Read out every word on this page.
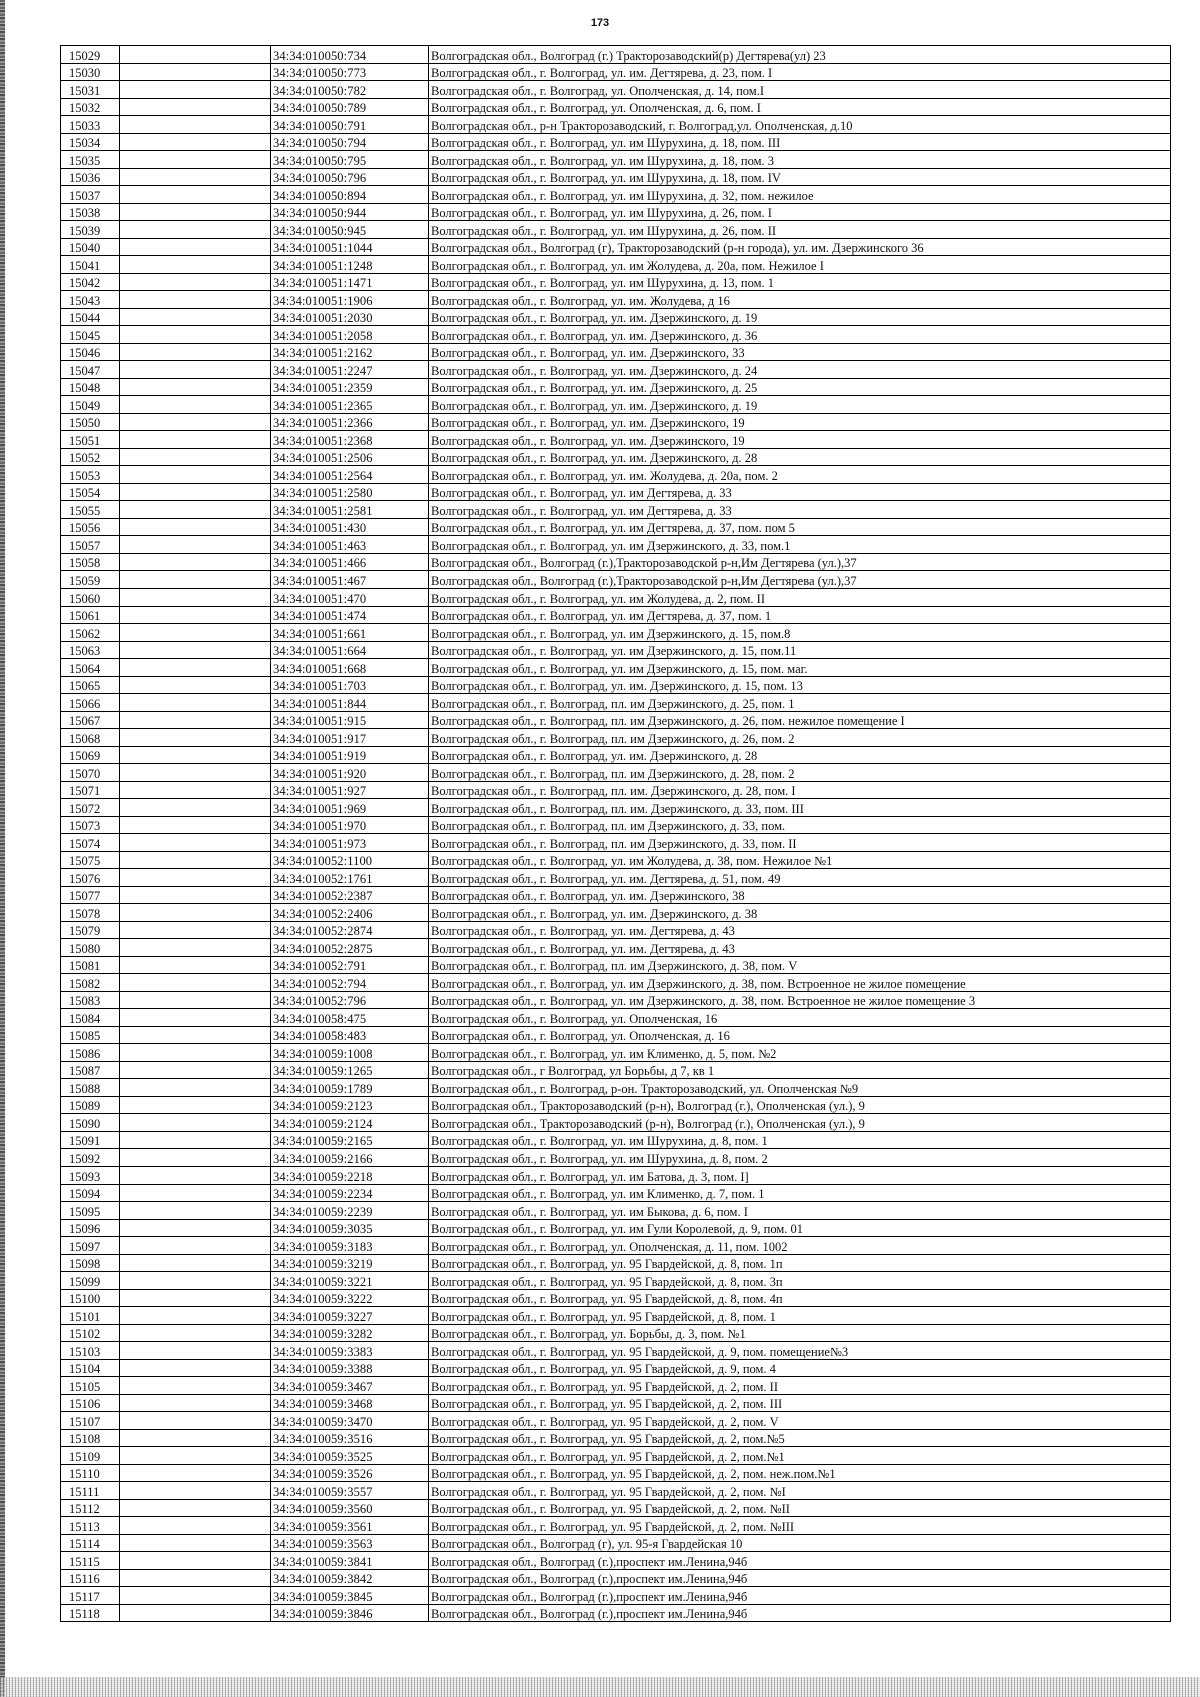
173
15029		34:34:010050:734	Волгоградская обл., Волгоград (г.) Тракторозаводский(р) Дегтярева(ул) 23
15030		34:34:010050:773	Волгоградская обл., г. Волгоград, ул. им. Дегтярева, д. 23, пом. I
15031		34:34:010050:782	Волгоградская обл., г. Волгоград, ул. Ополченская, д. 14, пом.I
15032		34:34:010050:789	Волгоградская обл., г. Волгоград, ул. Ополченская, д. 6, пом. I
15033		34:34:010050:791	Волгоградская обл., р-н Тракторозаводский, г. Волгоград,ул. Ополченская, д.10
15034		34:34:010050:794	Волгоградская обл., г. Волгоград, ул. им Шурухина, д. 18, пом. III
15035		34:34:010050:795	Волгоградская обл., г. Волгоград, ул. им Шурухина, д. 18, пом. 3
15036		34:34:010050:796	Волгоградская обл., г. Волгоград, ул. им Шурухина, д. 18, пом. IV
15037		34:34:010050:894	Волгоградская обл., г. Волгоград, ул. им Шурухина, д. 32, пом. нежилое
15038		34:34:010050:944	Волгоградская обл., г. Волгоград, ул. им Шурухина, д. 26, пом. I
15039		34:34:010050:945	Волгоградская обл., г. Волгоград, ул. им Шурухина, д. 26, пом. II
15040		34:34:010051:1044	Волгоградская обл., Волгоград (г), Тракторозаводский (р-н города), ул. им. Дзержинского 36
15041		34:34:010051:1248	Волгоградская обл., г. Волгоград, ул. им Жолудева, д. 20а, пом. Нежилое I
15042		34:34:010051:1471	Волгоградская обл., г. Волгоград, ул. им Шурухина, д. 13, пом. 1
15043		34:34:010051:1906	Волгоградская обл., г. Волгоград, ул. им. Жолудева, д 16
15044		34:34:010051:2030	Волгоградская обл., г. Волгоград, ул. им. Дзержинского, д. 19
15045		34:34:010051:2058	Волгоградская обл., г. Волгоград, ул. им. Дзержинского, д. 36
15046		34:34:010051:2162	Волгоградская обл., г. Волгоград, ул. им. Дзержинского, 33
15047		34:34:010051:2247	Волгоградская обл., г. Волгоград, ул. им. Дзержинского, д. 24
15048		34:34:010051:2359	Волгоградская обл., г. Волгоград, ул. им. Дзержинского, д. 25
15049		34:34:010051:2365	Волгоградская обл., г. Волгоград, ул. им. Дзержинского, д. 19
15050		34:34:010051:2366	Волгоградская обл., г. Волгоград, ул. им. Дзержинского, 19
15051		34:34:010051:2368	Волгоградская обл., г. Волгоград, ул. им. Дзержинского, 19
15052		34:34:010051:2506	Волгоградская обл., г. Волгоград, ул. им. Дзержинского, д. 28
15053		34:34:010051:2564	Волгоградская обл., г. Волгоград, ул. им. Жолудева, д. 20а, пом. 2
15054		34:34:010051:2580	Волгоградская обл., г. Волгоград, ул. им Дегтярева, д. 33
15055		34:34:010051:2581	Волгоградская обл., г. Волгоград, ул. им Дегтярева, д. 33
15056		34:34:010051:430	Волгоградская обл., г. Волгоград, ул. им Дегтярева, д. 37, пом. пом 5
15057		34:34:010051:463	Волгоградская обл., г. Волгоград, ул. им Дзержинского, д. 33, пом.1
15058		34:34:010051:466	Волгоградская обл., Волгоград (г.),Тракторозаводской р-н,Им Дегтярева (ул.),37
15059		34:34:010051:467	Волгоградская обл., Волгоград (г.),Тракторозаводской р-н,Им Дегтярева (ул.),37
15060		34:34:010051:470	Волгоградская обл., г. Волгоград, ул. им Жолудева, д. 2, пом. II
15061		34:34:010051:474	Волгоградская обл., г. Волгоград, ул. им Дегтярева, д. 37, пом. 1
15062		34:34:010051:661	Волгоградская обл., г. Волгоград, ул. им Дзержинского, д. 15, пом.8
15063		34:34:010051:664	Волгоградская обл., г. Волгоград, ул. им Дзержинского, д. 15, пом.11
15064		34:34:010051:668	Волгоградская обл., г. Волгоград, ул. им Дзержинского, д. 15, пом. маг.
15065		34:34:010051:703	Волгоградская обл., г. Волгоград, ул. им. Дзержинского, д. 15, пом. 13
15066		34:34:010051:844	Волгоградская обл., г. Волгоград, пл. им Дзержинского, д. 25, пом. 1
15067		34:34:010051:915	Волгоградская обл., г. Волгоград, пл. им Дзержинского, д. 26, пом. нежилое помещение I
15068		34:34:010051:917	Волгоградская обл., г. Волгоград, пл. им Дзержинского, д. 26, пом. 2
15069		34:34:010051:919	Волгоградская обл., г. Волгоград, ул. им. Дзержинского, д. 28
15070		34:34:010051:920	Волгоградская обл., г. Волгоград, пл. им Дзержинского, д. 28, пом. 2
15071		34:34:010051:927	Волгоградская обл., г. Волгоград, пл. им. Дзержинского, д. 28, пом. I
15072		34:34:010051:969	Волгоградская обл., г. Волгоград, пл. им. Дзержинского, д. 33, пом. III
15073		34:34:010051:970	Волгоградская обл., г. Волгоград, пл. им Дзержинского, д. 33, пом.
15074		34:34:010051:973	Волгоградская обл., г. Волгоград, пл. им Дзержинского, д. 33, пом. II
15075		34:34:010052:1100	Волгоградская обл., г. Волгоград, ул. им Жолудева, д. 38, пом. Нежилое №1
15076		34:34:010052:1761	Волгоградская обл., г. Волгоград, ул. им. Дегтярева, д. 51, пом. 49
15077		34:34:010052:2387	Волгоградская обл., г. Волгоград, ул. им. Дзержинского, 38
15078		34:34:010052:2406	Волгоградская обл., г. Волгоград, ул. им. Дзержинского, д. 38
15079		34:34:010052:2874	Волгоградская обл., г. Волгоград, ул. им. Дегтярева, д. 43
15080		34:34:010052:2875	Волгоградская обл., г. Волгоград, ул. им. Дегтярева, д. 43
15081		34:34:010052:791	Волгоградская обл., г. Волгоград, пл. им Дзержинского, д. 38, пом. V
15082		34:34:010052:794	Волгоградская обл., г. Волгоград, ул. им Дзержинского, д. 38, пом. Встроенное не жилое помещение
15083		34:34:010052:796	Волгоградская обл., г. Волгоград, ул. им Дзержинского, д. 38, пом. Встроенное не жилое помещение 3
15084		34:34:010058:475	Волгоградская обл., г. Волгоград, ул. Ополченская, 16
15085		34:34:010058:483	Волгоградская обл., г. Волгоград, ул. Ополченская, д. 16
15086		34:34:010059:1008	Волгоградская обл., г. Волгоград, ул. им Клименко, д. 5, пом. №2
15087		34:34:010059:1265	Волгоградская обл., г Волгоград, ул Борьбы, д 7, кв 1
15088		34:34:010059:1789	Волгоградская обл., г. Волгоград, р-он. Тракторозаводский, ул. Ополченская №9
15089		34:34:010059:2123	Волгоградская обл., Тракторозаводский (р-н), Волгоград (г.), Ополченская (ул.), 9
15090		34:34:010059:2124	Волгоградская обл., Тракторозаводский (р-н), Волгоград (г.), Ополченская (ул.), 9
15091		34:34:010059:2165	Волгоградская обл., г. Волгоград, ул. им Шурухина, д. 8, пом. 1
15092		34:34:010059:2166	Волгоградская обл., г. Волгоград, ул. им Шурухина, д. 8, пом. 2
15093		34:34:010059:2218	Волгоградская обл., г. Волгоград, ул. им Батова, д. 3, пом. I]
15094		34:34:010059:2234	Волгоградская обл., г. Волгоград, ул. им Клименко, д. 7, пом. 1
15095		34:34:010059:2239	Волгоградская обл., г. Волгоград, ул. им Быкова, д. 6, пом. I
15096		34:34:010059:3035	Волгоградская обл., г. Волгоград, ул. им Гули Королевой, д. 9, пом. 01
15097		34:34:010059:3183	Волгоградская обл., г. Волгоград, ул. Ополченская, д. 11, пом. 1002
15098		34:34:010059:3219	Волгоградская обл., г. Волгоград, ул. 95 Гвардейской, д. 8, пом. 1п
15099		34:34:010059:3221	Волгоградская обл., г. Волгоград, ул. 95 Гвардейской, д. 8, пом. 3п
15100		34:34:010059:3222	Волгоградская обл., г. Волгоград, ул. 95 Гвардейской, д. 8, пом. 4п
15101		34:34:010059:3227	Волгоградская обл., г. Волгоград, ул. 95 Гвардейской, д. 8, пом. 1
15102		34:34:010059:3282	Волгоградская обл., г. Волгоград, ул. Борьбы, д. 3, пом. №1
15103		34:34:010059:3383	Волгоградская обл., г. Волгоград, ул. 95 Гвардейской, д. 9, пом. помещение№3
15104		34:34:010059:3388	Волгоградская обл., г. Волгоград, ул. 95 Гвардейской, д. 9, пом. 4
15105		34:34:010059:3467	Волгоградская обл., г. Волгоград, ул. 95 Гвардейской, д. 2, пом. II
15106		34:34:010059:3468	Волгоградская обл., г. Волгоград, ул. 95 Гвардейской, д. 2, пом. III
15107		34:34:010059:3470	Волгоградская обл., г. Волгоград, ул. 95 Гвардейской, д. 2, пом. V
15108		34:34:010059:3516	Волгоградская обл., г. Волгоград, ул. 95 Гвардейской, д. 2, пом.№5
15109		34:34:010059:3525	Волгоградская обл., г. Волгоград, ул. 95 Гвардейской, д. 2, пом.№1
15110		34:34:010059:3526	Волгоградская обл., г. Волгоград, ул. 95 Гвардейской, д. 2, пом. неж.пом.№1
15111		34:34:010059:3557	Волгоградская обл., г. Волгоград, ул. 95 Гвардейской, д. 2, пом. №I
15112		34:34:010059:3560	Волгоградская обл., г. Волгоград, ул. 95 Гвардейской, д. 2, пом. №II
15113		34:34:010059:3561	Волгоградская обл., г. Волгоград, ул. 95 Гвардейской, д. 2, пом. №III
15114		34:34:010059:3563	Волгоградская обл., Волгоград (г), ул. 95-я Гвардейская 10
15115		34:34:010059:3841	Волгоградская обл., Волгоград (г.),проспект им.Ленина,94б
15116		34:34:010059:3842	Волгоградская обл., Волгоград (г.),проспект им.Ленина,94б
15117		34:34:010059:3845	Волгоградская обл., Волгоград (г.),проспект им.Ленина,94б
15118		34:34:010059:3846	Волгоградская обл., Волгоград (г.),проспект им.Ленина,94б
